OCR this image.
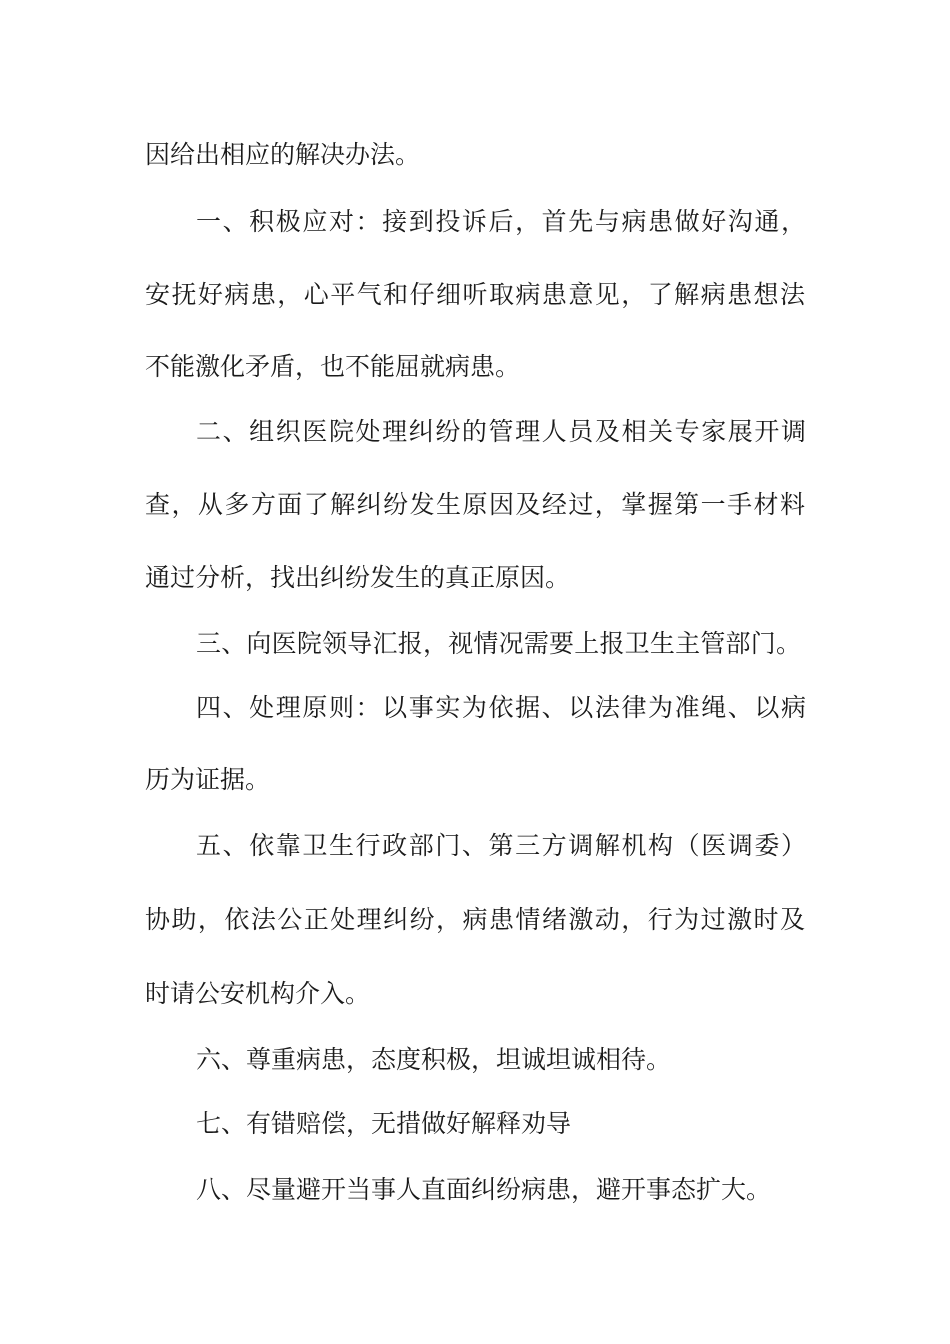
因给出相应的解决办法。
一、积极应对：接到投诉后，首先与病患做好沟通，
安抚好病患，心平气和仔细听取病患意见，了解病患想法
不能激化矛盾，也不能屈就病患。
二、组织医院处理纠纷的管理人员及相关专家展开调
查，从多方面了解纠纷发生原因及经过，掌握第一手材料
通过分析，找出纠纷发生的真正原因。
三、向医院领导汇报，视情况需要上报卫生主管部门。
四、处理原则：以事实为依据、以法律为准绳、以病
历为证据。
五、依靠卫生行政部门、第三方调解机构（医调委）
协助，依法公正处理纠纷，病患情绪激动，行为过激时及
时请公安机构介入。
六、尊重病患，态度积极，坦诚坦诚相待。
七、有错赔偿，无措做好解释劝导
八、尽量避开当事人直面纠纷病患，避开事态扩大。
